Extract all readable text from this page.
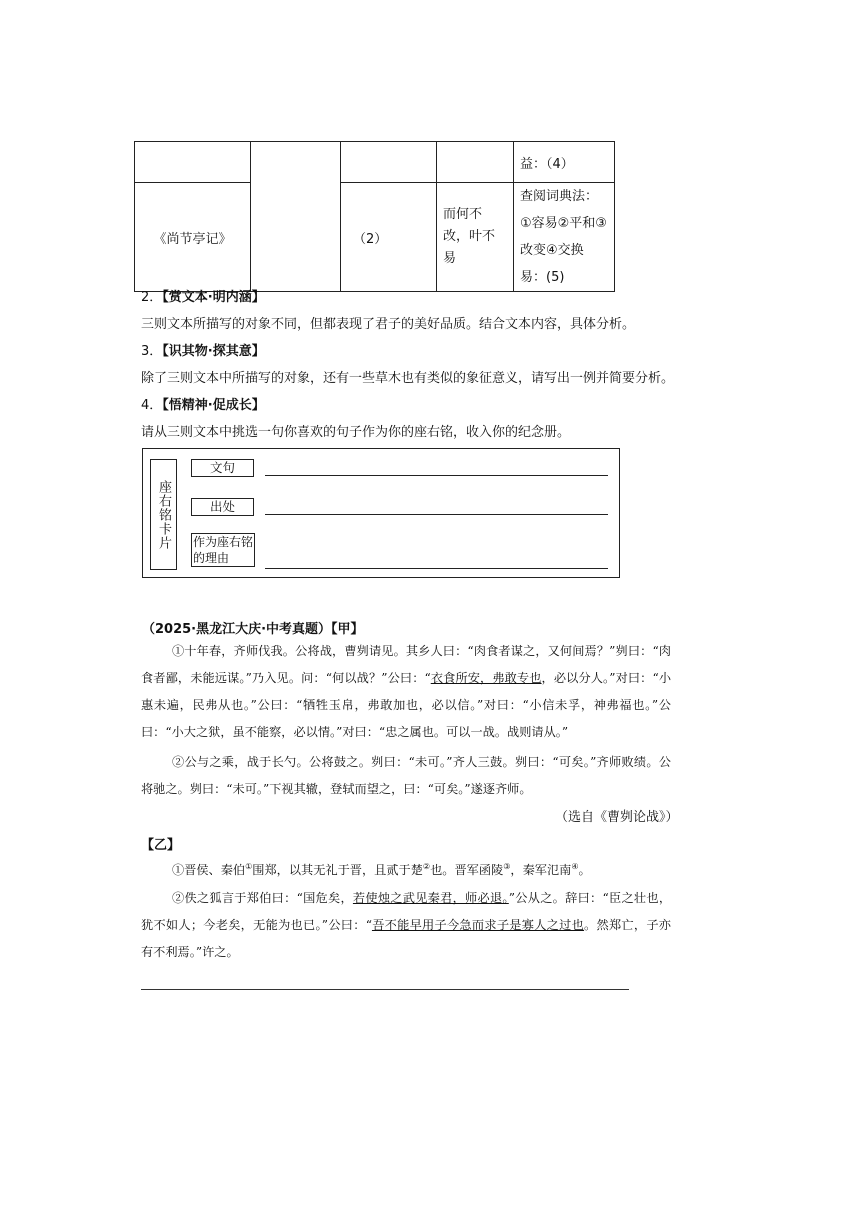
				益：（4）
《尚节亭记》		（2）	而何不改，叶不易	查阅词典法：①容易②平和③改变④交换易：(5)
2．【赏文本·明内涵】
三则文本所描写的对象不同，但都表现了君子的美好品质。结合文本内容，具体分析。
3．【识其物·探其意】
除了三则文本中所描写的对象，还有一些草木也有类似的象征意义，请写出一例并简要分析。
4．【悟精神·促成长】
请从三则文本中挑选一句你喜欢的句子作为你的座右铭，收入你的纪念册。
座右铭卡片
文句
出处
作为座右铭的理由
（2025·黑龙江大庆·中考真题）【甲】
①十年春，齐师伐我。公将战，曹刿请见。其乡人曰：“肉食者谋之，又何间焉？”刿曰：“肉食者鄙，未能远谋。”乃入见。问：“何以战？”公曰：“衣食所安，弗敢专也，必以分人。”对曰：“小惠未遍，民弗从也。”公曰：“牺牲玉帛，弗敢加也，必以信。”对曰：“小信未孚，神弗福也。”公曰：“小大之狱，虽不能察，必以情。”对曰：“忠之属也。可以一战。战则请从。”
②公与之乘，战于长勺。公将鼓之。刿曰：“未可。”齐人三鼓。刿曰：“可矣。”齐师败绩。公将驰之。刿曰：“未可。”下视其辙，登轼而望之，曰：“可矣。”遂逐齐师。
（选自《曹刿论战》）
【乙】
①晋侯、秦伯①围郑，以其无礼于晋，且贰于楚②也。晋军函陵③，秦军氾南④。
②佚之狐言于郑伯曰：“国危矣，若使烛之武见秦君，师必退。”公从之。辞曰：“臣之壮也，犹不如人；今老矣，无能为也已。”公曰：“吾不能早用子今急而求子是寡人之过也。然郑亡，子亦有不利焉。”许之。
